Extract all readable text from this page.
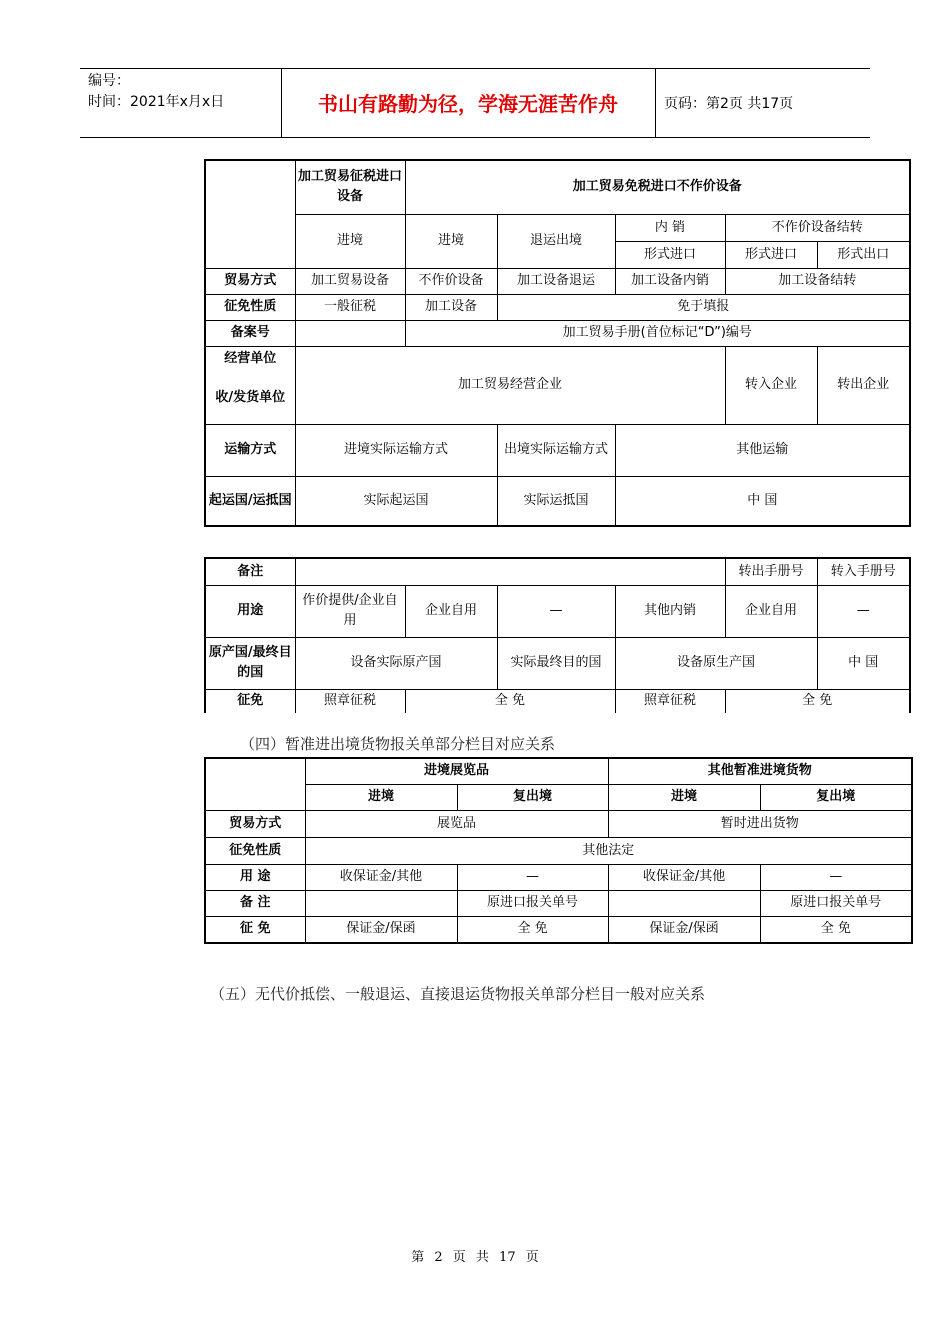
编号：
时间：2021年x月x日	书山有路勤为径，学海无涯苦作舟	页码：第2页 共17页
	加工贸易征税进口设备	加工贸易免税进口不作价设备				
	进境	进境	退运出境	内 销	不作价设备结转	
				形式进口	形式进口	形式出口
贸易方式	加工贸易设备	不作价设备	加工设备退运	加工设备内销	加工设备结转	
征免性质	一般征税	加工设备	免于填报			
备案号		加工贸易手册(首位标记“D”)编号				
经营单位	加工贸易经营企业				转入企业	转出企业
收/发货单位						
运输方式	进境实际运输方式		出境实际运输方式	其他运输		
起运国/运抵国	实际起运国		实际运抵国	中 国		
备注					转出手册号	转入手册号
用途	作价提供/企业自用	企业自用	—	其他内销	企业自用	—
原产国/最终目的国	设备实际原产国		实际最终目的国	设备原生产国		中 国
征免	照章征税	全 免		照章征税	全 免	
（四）暂准进出境货物报关单部分栏目对应关系
	进境展览品		其他暂准进境货物	
	进境	复出境	进境	复出境
贸易方式	展览品		暂时进出货物	
征免性质	其他法定			
用 途	收保证金/其他	—	收保证金/其他	—
备 注		原进口报关单号		原进口报关单号
征 免	保证金/保函	全 免	保证金/保函	全 免
（五）无代价抵偿、一般退运、直接退运货物报关单部分栏目一般对应关系
第 2 页 共 17 页
